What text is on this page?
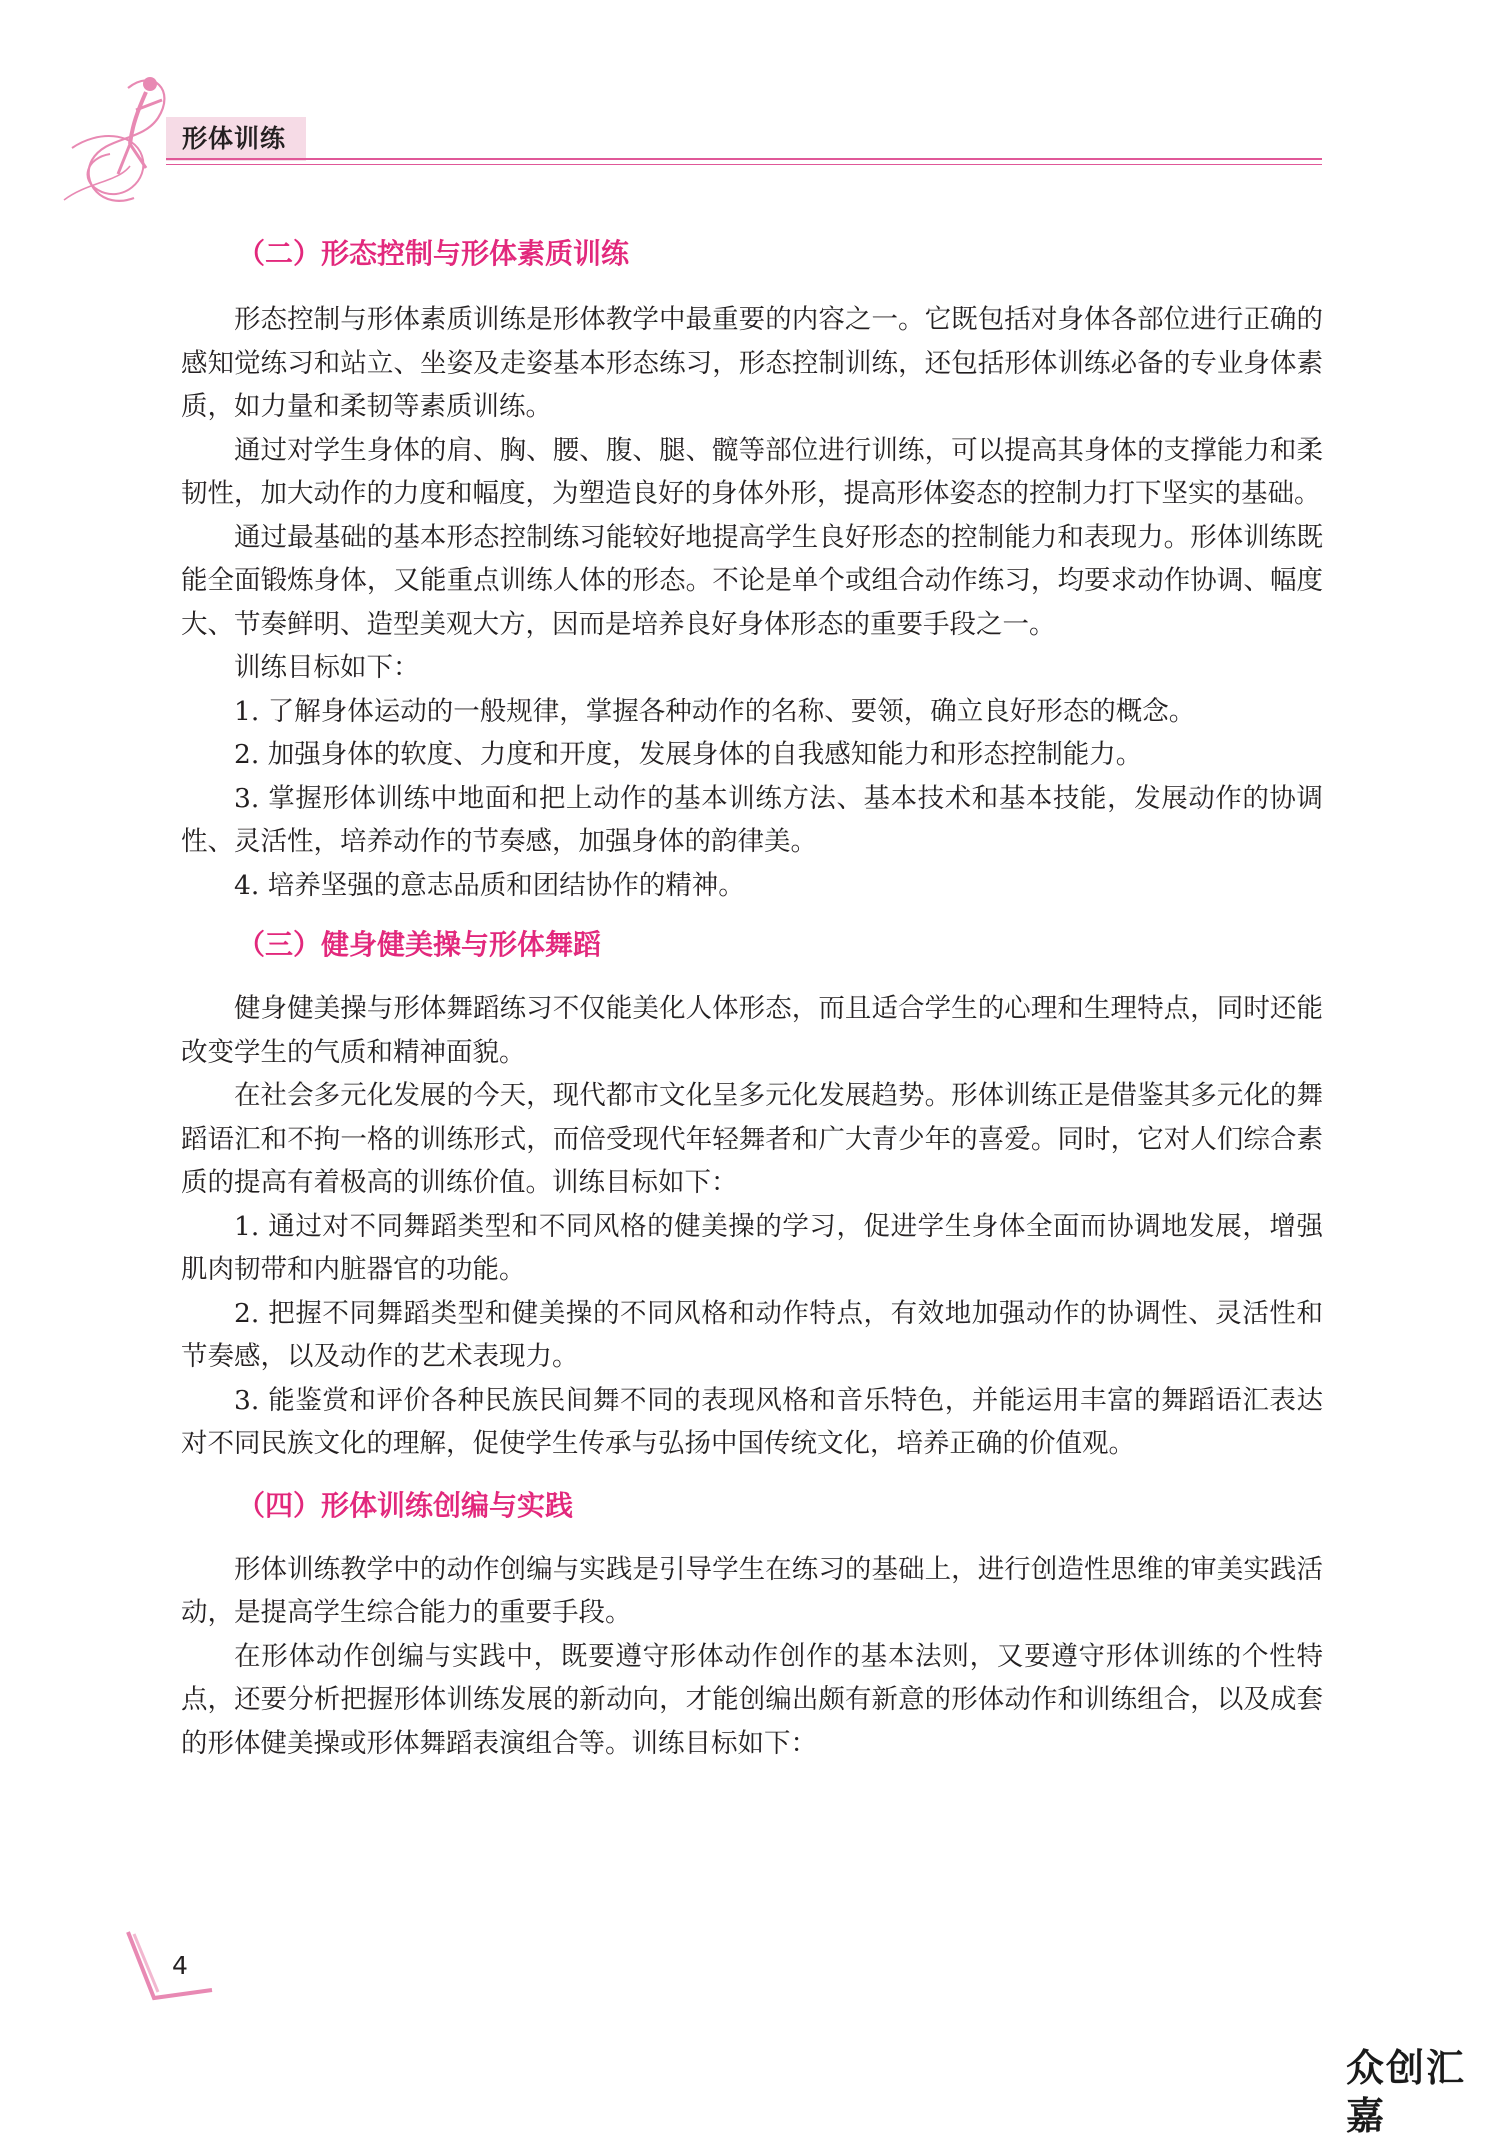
形体训练
（二）形态控制与形体素质训练

形态控制与形体素质训练是形体教学中最重要的内容之一。它既包括对身体各部位进行正确的感知觉练习和站立、坐姿及走姿基本形态练习，形态控制训练，还包括形体训练必备的专业身体素质，如力量和柔韧等素质训练。

通过对学生身体的肩、胸、腰、腹、腿、髋等部位进行训练，可以提高其身体的支撑能力和柔韧性，加大动作的力度和幅度，为塑造良好的身体外形，提高形体姿态的控制力打下坚实的基础。

通过最基础的基本形态控制练习能较好地提高学生良好形态的控制能力和表现力。形体训练既能全面锻炼身体，又能重点训练人体的形态。不论是单个或组合动作练习，均要求动作协调、幅度大、节奏鲜明、造型美观大方，因而是培养良好身体形态的重要手段之一。

训练目标如下：

1. 了解身体运动的一般规律，掌握各种动作的名称、要领，确立良好形态的概念。

2. 加强身体的软度、力度和开度，发展身体的自我感知能力和形态控制能力。

3. 掌握形体训练中地面和把上动作的基本训练方法、基本技术和基本技能，发展动作的协调性、灵活性，培养动作的节奏感，加强身体的韵律美。

4. 培养坚强的意志品质和团结协作的精神。

（三）健身健美操与形体舞蹈

健身健美操与形体舞蹈练习不仅能美化人体形态，而且适合学生的心理和生理特点，同时还能改变学生的气质和精神面貌。

在社会多元化发展的今天，现代都市文化呈多元化发展趋势。形体训练正是借鉴其多元化的舞蹈语汇和不拘一格的训练形式，而倍受现代年轻舞者和广大青少年的喜爱。同时，它对人们综合素质的提高有着极高的训练价值。训练目标如下：

1. 通过对不同舞蹈类型和不同风格的健美操的学习，促进学生身体全面而协调地发展，增强肌肉韧带和内脏器官的功能。

2. 把握不同舞蹈类型和健美操的不同风格和动作特点，有效地加强动作的协调性、灵活性和节奏感，以及动作的艺术表现力。

3. 能鉴赏和评价各种民族民间舞不同的表现风格和音乐特色，并能运用丰富的舞蹈语汇表达对不同民族文化的理解，促使学生传承与弘扬中国传统文化，培养正确的价值观。

（四）形体训练创编与实践

形体训练教学中的动作创编与实践是引导学生在练习的基础上，进行创造性思维的审美实践活动，是提高学生综合能力的重要手段。

在形体动作创编与实践中，既要遵守形体动作创作的基本法则，又要遵守形体训练的个性特点，还要分析把握形体训练发展的新动向，才能创编出颇有新意的形体动作和训练组合，以及成套的形体健美操或形体舞蹈表演组合等。训练目标如下：

4
众创汇嘉
